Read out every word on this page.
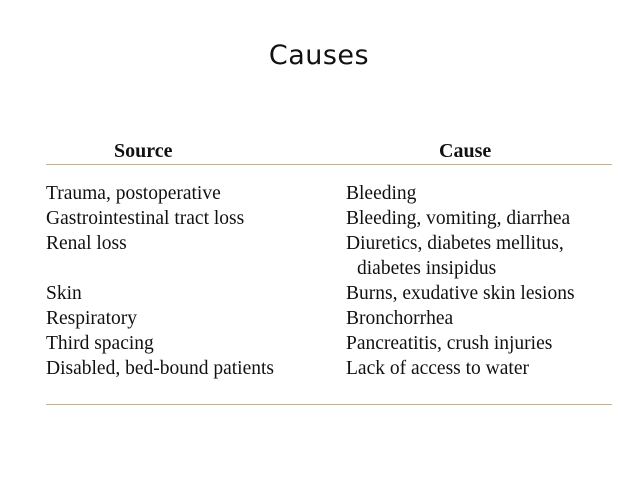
Causes
Source	Cause
Trauma, postoperative	Bleeding
Gastrointestinal tract loss	Bleeding, vomiting, diarrhea
Renal loss	Diuretics, diabetes mellitus,
diabetes insipidus
Skin	Burns, exudative skin lesions
Respiratory	Bronchorrhea
Third spacing	Pancreatitis, crush injuries
Disabled, bed-bound patients	Lack of access to water
